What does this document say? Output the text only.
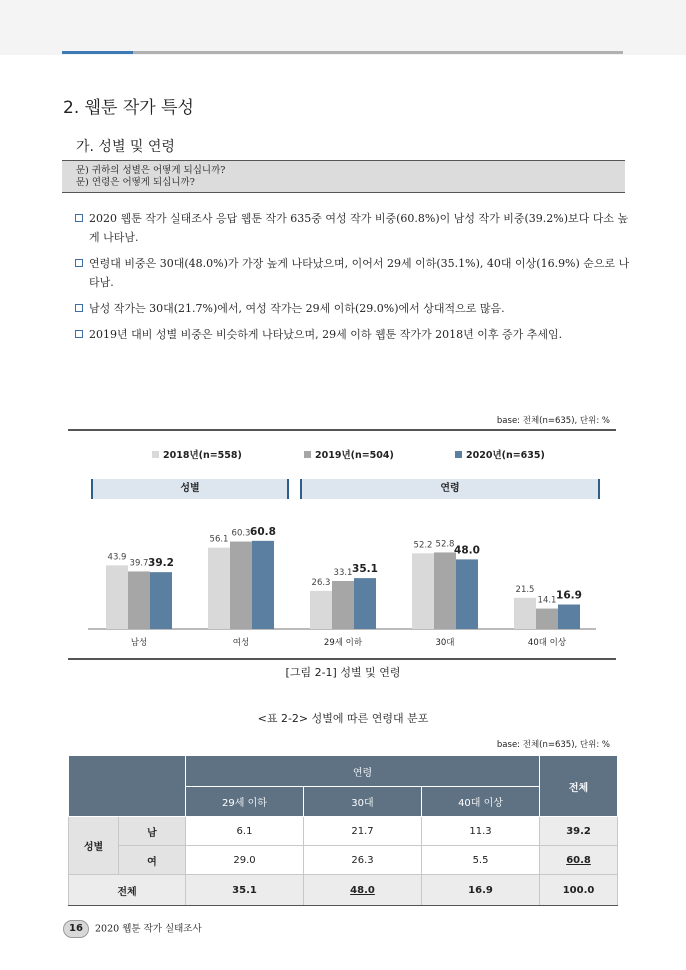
2. 웹툰 작가 특성
가. 성별 및 연령
문) 귀하의 성별은 어떻게 되십니까?
문) 연령은 어떻게 되십니까?
2020 웹툰 작가 실태조사 응답 웹툰 작가 635중 여성 작가 비중(60.8%)이 남성 작가 비중(39.2%)보다 다소 높게 나타남.
연령대 비중은 30대(48.0%)가 가장 높게 나타났으며, 이어서 29세 이하(35.1%), 40대 이상(16.9%) 순으로 나타남.
남성 작가는 30대(21.7%)에서, 여성 작가는 29세 이하(29.0%)에서 상대적으로 많음.
2019년 대비 성별 비중은 비슷하게 나타났으며, 29세 이하 웹툰 작가가 2018년 이후 증가 추세임.
base: 전체(n=635), 단위: %
2018년(n=558)	2019년(n=504)	2020년(n=635)
성별	연령
43.9
39.7 39.2
남성
56.1
60.3 60.8
여성
26.3
33.1 35.1
29세 이하
52.2 52.8 48.0
30대
21.5
14.1 16.9
40대 이상
[그림 2-1] 성별 및 연령
<표 2-2> 성별에 따른 연령대 분포
base: 전체(n=635), 단위: %
		연령			전체
		29세 이하	30대	40대 이상	
성별	남	6.1	21.7	11.3	39.2
	여	29.0	26.3	5.5	60.8
전체		35.1	48.0	16.9	100.0
16 2020 웹툰 작가 실태조사
